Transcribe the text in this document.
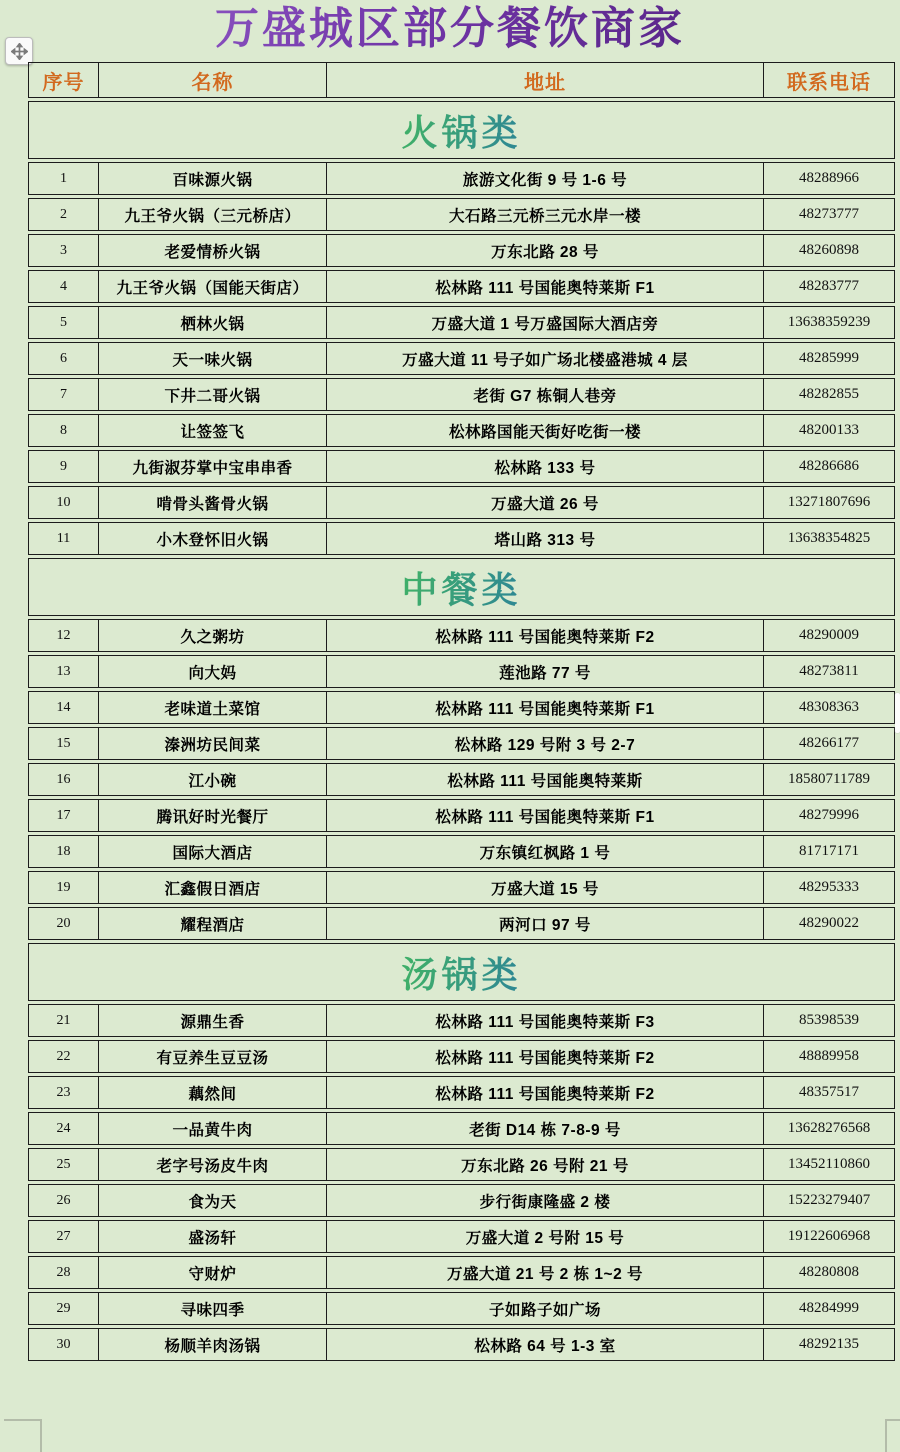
万盛城区部分餐饮商家
序号	名称	地址	联系电话
火锅类
1	百味源火锅	旅游文化街 9 号 1-6 号	48288966
2	九王爷火锅（三元桥店）	大石路三元桥三元水岸一楼	48273777
3	老爱情桥火锅	万东北路 28 号	48260898
4	九王爷火锅（国能天街店）	松林路 111 号国能奥特莱斯 F1	48283777
5	栖林火锅	万盛大道 1 号万盛国际大酒店旁	13638359239
6	天一味火锅	万盛大道 11 号子如广场北楼盛港城 4 层	48285999
7	下井二哥火锅	老街 G7 栋铜人巷旁	48282855
8	让签签飞	松林路国能天街好吃街一楼	48200133
9	九街淑芬掌中宝串串香	松林路 133 号	48286686
10	啃骨头酱骨火锅	万盛大道 26 号	13271807696
11	小木登怀旧火锅	塔山路 313 号	13638354825
中餐类
12	久之粥坊	松林路 111 号国能奥特莱斯 F2	48290009
13	向大妈	莲池路 77 号	48273811
14	老味道土菜馆	松林路 111 号国能奥特莱斯 F1	48308363
15	溱洲坊民间菜	松林路 129 号附 3 号 2-7	48266177
16	江小碗	松林路 111 号国能奥特莱斯	18580711789
17	腾讯好时光餐厅	松林路 111 号国能奥特莱斯 F1	48279996
18	国际大酒店	万东镇红枫路 1 号	81717171
19	汇鑫假日酒店	万盛大道 15 号	48295333
20	耀程酒店	两河口 97 号	48290022
汤锅类
21	源鼎生香	松林路 111 号国能奥特莱斯 F3	85398539
22	有豆养生豆豆汤	松林路 111 号国能奥特莱斯 F2	48889958
23	藕然间	松林路 111 号国能奥特莱斯 F2	48357517
24	一品黄牛肉	老街 D14 栋 7-8-9 号	13628276568
25	老字号汤皮牛肉	万东北路 26 号附 21 号	13452110860
26	食为天	步行街康隆盛 2 楼	15223279407
27	盛汤轩	万盛大道 2 号附 15 号	19122606968
28	守财炉	万盛大道 21 号 2 栋 1~2 号	48280808
29	寻味四季	子如路子如广场	48284999
30	杨顺羊肉汤锅	松林路 64 号 1-3 室	48292135
